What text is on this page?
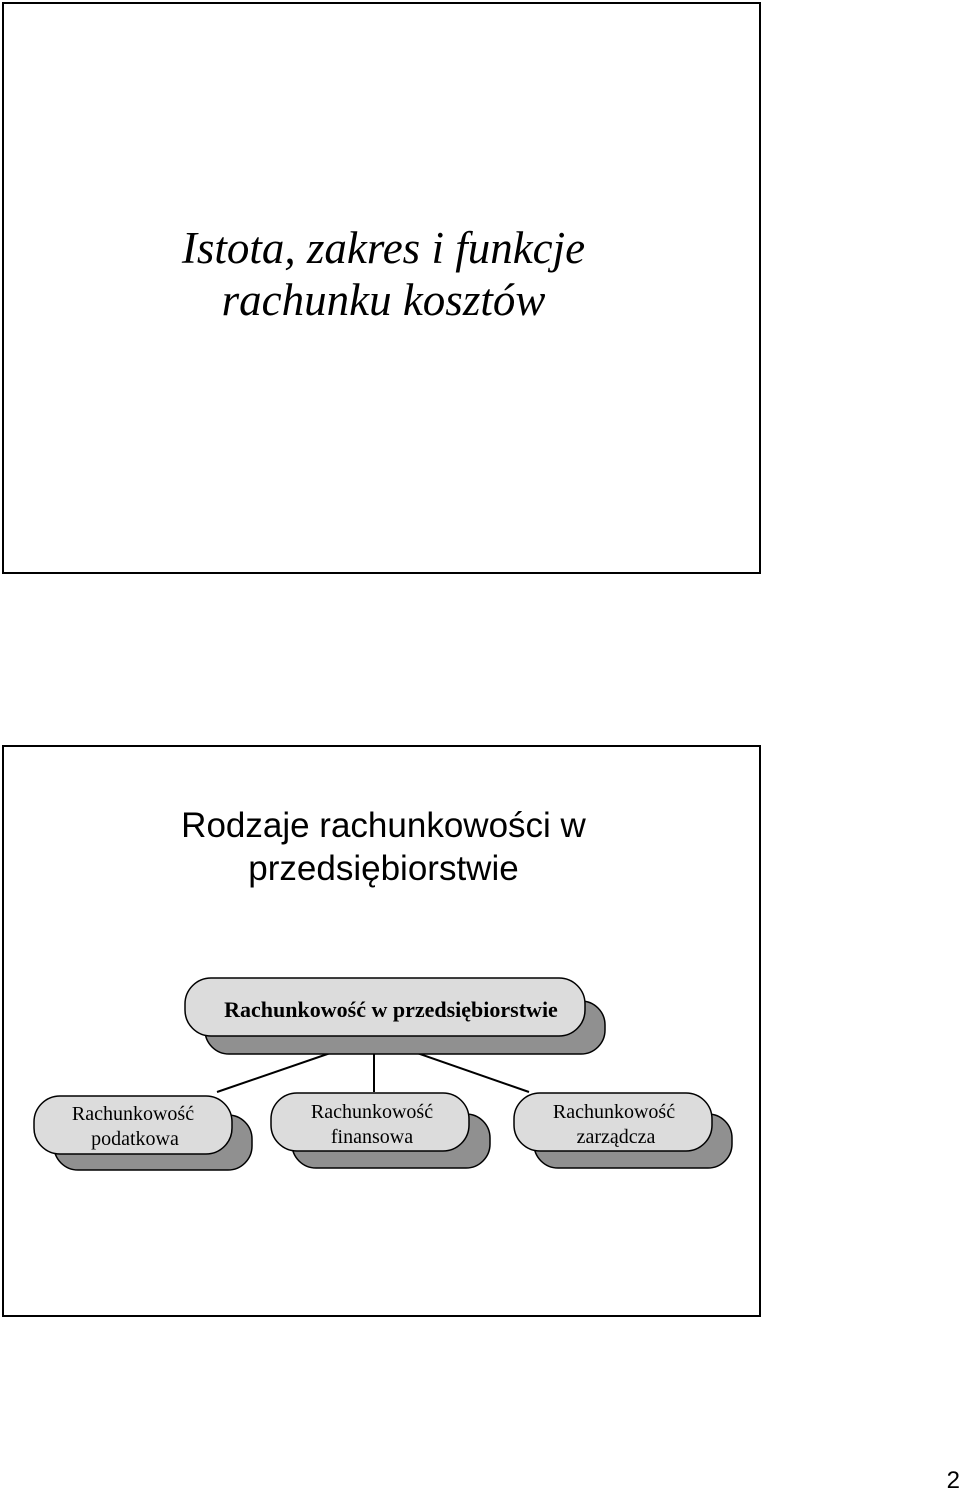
Istota, zakres i funkcje
rachunku kosztów
Rodzaje rachunkowości w
przedsiębiorstwie
Rachunkowość w przedsiębiorstwie
Rachunkowość
podatkowa
Rachunkowość
finansowa
Rachunkowość
zarządcza
2
